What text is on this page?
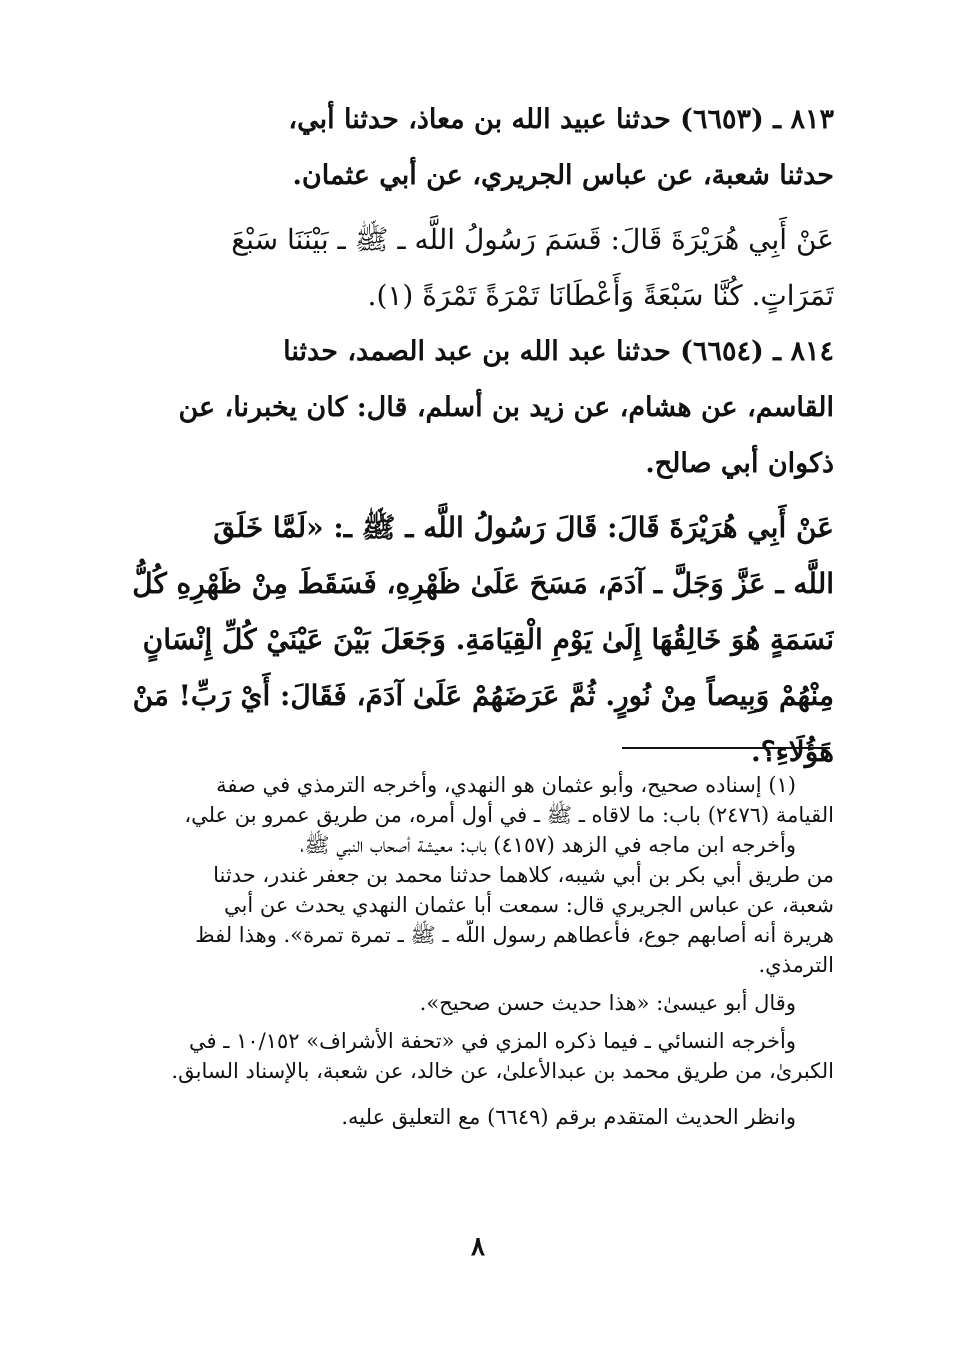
٨١٣ ـ (٦٦٥٣) حدثنا عبيد الله بن معاذ، حدثنا أبي،
حدثنا شعبة، عن عباس الجريري، عن أبي عثمان.
عَنْ أَبِي هُرَيْرَةَ قَالَ: قَسَمَ رَسُولُ اللَّه ـ ﷺ ـ بَيْنَنَا سَبْعَ
تَمَرَاتٍ. كُنَّا سَبْعَةً وَأَعْطَانَا تَمْرَةً تَمْرَةً (١).
٨١٤ ـ (٦٦٥٤) حدثنا عبد الله بن عبد الصمد، حدثنا
القاسم، عن هشام، عن زيد بن أسلم، قال: كان يخبرنا، عن
ذكوان أبي صالح.
عَنْ أَبِي هُرَيْرَةَ قَالَ: قَالَ رَسُولُ اللَّه ـ ﷺ ـ: «لَمَّا خَلَقَ
اللَّه ـ عَزَّ وَجَلَّ ـ آدَمَ، مَسَحَ عَلَىٰ ظَهْرِهِ، فَسَقَطَ مِنْ ظَهْرِهِ كُلُّ
نَسَمَةٍ هُوَ خَالِقُهَا إِلَىٰ يَوْمِ الْقِيَامَةِ. وَجَعَلَ بَيْنَ عَيْنَيْ كُلِّ إِنْسَانٍ
مِنْهُمْ وَبِيصاً مِنْ نُورٍ. ثُمَّ عَرَضَهُمْ عَلَىٰ آدَمَ، فَقَالَ: أَيْ رَبِّ! مَنْ
هَؤُلَاءِ؟.
(١) إسناده صحيح، وأبو عثمان هو النهدي، وأخرجه الترمذي في صفة
القيامة (٢٤٧٦) باب: ما لاقاه ـ ﷺ ـ في أول أمره، من طريق عمرو بن علي،
وأخرجه ابن ماجه في الزهد (٤١٥٧) باب: معيشة أصحاب النبي ﷺ،
من طريق أبي بكر بن أبي شيبه، كلاهما حدثنا محمد بن جعفر غندر، حدثنا
شعبة، عن عباس الجريري قال: سمعت أبا عثمان النهدي يحدث عن أبي
هريرة أنه أصابهم جوع، فأعطاهم رسول اللّه ـ ﷺ ـ تمرة تمرة». وهذا لفظ
الترمذي.
وقال أبو عيسىٰ: «هذا حديث حسن صحيح».
وأخرجه النسائي ـ فيما ذكره المزي في «تحفة الأشراف» ١٠/١٥٢ ـ في
الكبرىٰ، من طريق محمد بن عبدالأعلىٰ، عن خالد، عن شعبة، بالإسناد السابق.
وانظر الحديث المتقدم برقم (٦٦٤٩) مع التعليق عليه.
٨
